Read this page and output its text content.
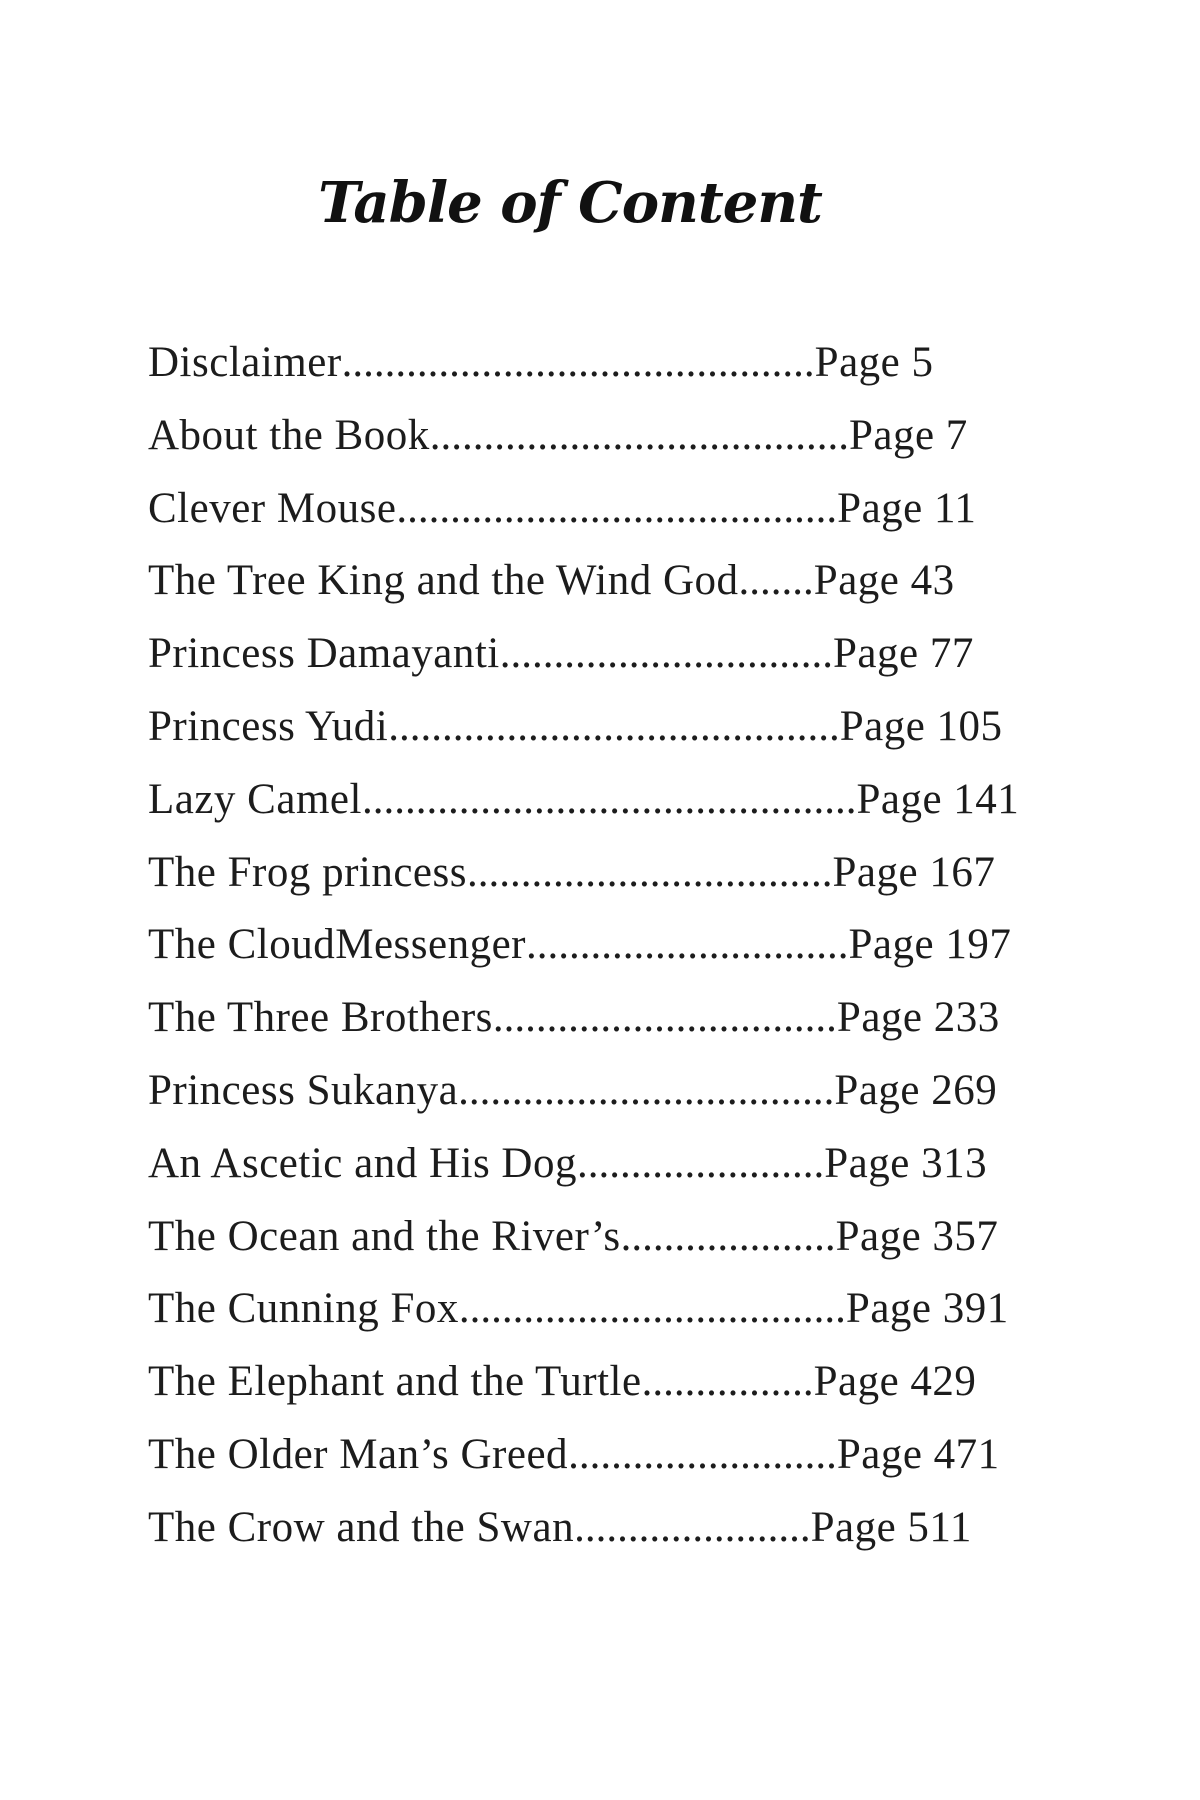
Table of Content
Disclaimer............................................Page 5
About the Book.......................................Page 7
Clever Mouse.........................................Page 11
The Tree King and the Wind God.......Page 43
Princess Damayanti...............................Page 77
Princess Yudi..........................................Page 105
Lazy Camel..............................................Page 141
The Frog princess..................................Page 167
The CloudMessenger..............................Page 197
The Three Brothers................................Page 233
Princess Sukanya...................................Page 269
An Ascetic and His Dog.......................Page 313
The Ocean and the River’s....................Page 357
The Cunning Fox....................................Page 391
The Elephant and the Turtle................Page 429
The Older Man’s Greed.........................Page 471
The Crow and the Swan......................Page 511
